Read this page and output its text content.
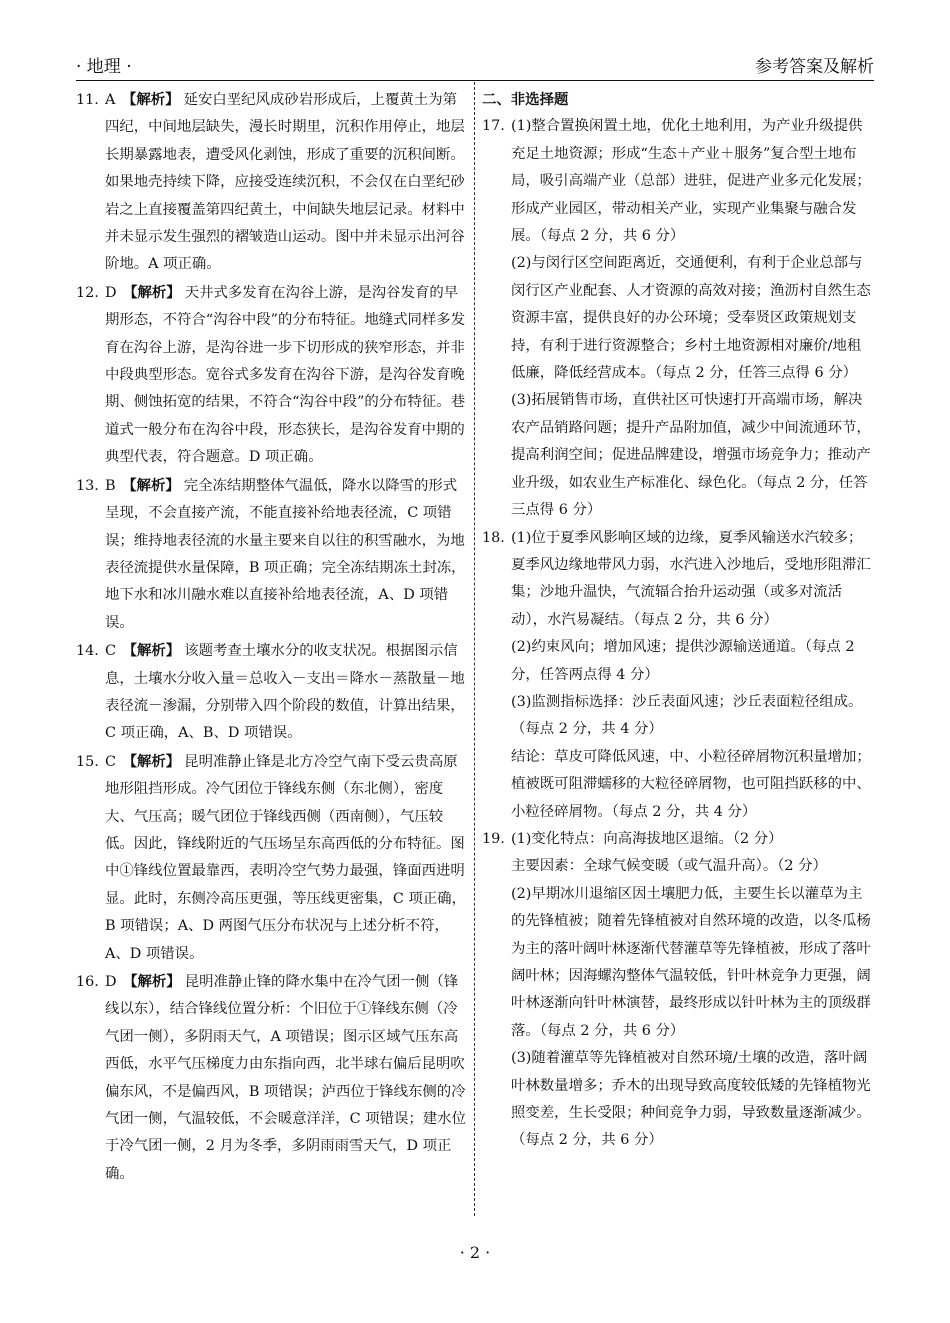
· 地理 ·	参考答案及解析

11. A 【解析】 延安白垩纪风成砂岩形成后，上覆黄土为第四纪，中间地层缺失，漫长时期里，沉积作用停止，地层长期暴露地表，遭受风化剥蚀，形成了重要的沉积间断。如果地壳持续下降，应接受连续沉积，不会仅在白垩纪砂岩之上直接覆盖第四纪黄土，中间缺失地层记录。材料中并未显示发生强烈的褶皱造山运动。图中并未显示出河谷阶地。A 项正确。

12. D 【解析】 天井式多发育在沟谷上游，是沟谷发育的早期形态，不符合“沟谷中段”的分布特征。地缝式同样多发育在沟谷上游，是沟谷进一步下切形成的狭窄形态，并非中段典型形态。宽谷式多发育在沟谷下游，是沟谷发育晚期、侧蚀拓宽的结果，不符合“沟谷中段”的分布特征。巷道式一般分布在沟谷中段，形态狭长，是沟谷发育中期的典型代表，符合题意。D 项正确。

13. B 【解析】 完全冻结期整体气温低，降水以降雪的形式呈现，不会直接产流，不能直接补给地表径流，C 项错误；维持地表径流的水量主要来自以往的积雪融水，为地表径流提供水量保障，B 项正确；完全冻结期冻土封冻，地下水和冰川融水难以直接补给地表径流，A、D 项错误。

14. C 【解析】 该题考查土壤水分的收支状况。根据图示信息，土壤水分收入量＝总收入－支出＝降水－蒸散量－地表径流－渗漏，分别带入四个阶段的数值，计算出结果，C 项正确，A、B、D 项错误。

15. C 【解析】 昆明准静止锋是北方冷空气南下受云贵高原地形阻挡形成。冷气团位于锋线东侧（东北侧），密度大、气压高；暖气团位于锋线西侧（西南侧），气压较低。因此，锋线附近的气压场呈东高西低的分布特征。图中①锋线位置最靠西，表明冷空气势力最强，锋面西进明显。此时，东侧冷高压更强，等压线更密集，C 项正确，B 项错误；A、D 两图气压分布状况与上述分析不符，A、D 项错误。

16. D 【解析】 昆明准静止锋的降水集中在冷气团一侧（锋线以东），结合锋线位置分析：个旧位于①锋线东侧（冷气团一侧），多阴雨天气，A 项错误；图示区域气压东高西低，水平气压梯度力由东指向西，北半球右偏后昆明吹偏东风，不是偏西风，B 项错误；泸西位于锋线东侧的冷气团一侧，气温较低，不会暖意洋洋，C 项错误；建水位于冷气团一侧，2 月为冬季，多阴雨雨雪天气，D 项正确。

二、非选择题

17. (1)整合置换闲置土地，优化土地利用，为产业升级提供充足土地资源；形成“生态＋产业＋服务”复合型土地布局，吸引高端产业（总部）进驻，促进产业多元化发展；形成产业园区，带动相关产业，实现产业集聚与融合发展。（每点 2 分，共 6 分）

(2)与闵行区空间距离近，交通便利，有利于企业总部与闵行区产业配套、人才资源的高效对接；渔沥村自然生态资源丰富，提供良好的办公环境；受奉贤区政策规划支持，有利于进行资源整合；乡村土地资源相对廉价/地租低廉，降低经营成本。（每点 2 分，任答三点得 6 分）

(3)拓展销售市场，直供社区可快速打开高端市场，解决农产品销路问题；提升产品附加值，减少中间流通环节，提高利润空间；促进品牌建设，增强市场竞争力；推动产业升级，如农业生产标准化、绿色化。（每点 2 分，任答三点得 6 分）

18. (1)位于夏季风影响区域的边缘，夏季风输送水汽较多；夏季风边缘地带风力弱，水汽进入沙地后，受地形阻滞汇集；沙地升温快，气流辐合抬升运动强（或多对流活动），水汽易凝结。（每点 2 分，共 6 分）

(2)约束风向；增加风速；提供沙源输送通道。（每点 2 分，任答两点得 4 分）

(3)监测指标选择：沙丘表面风速；沙丘表面粒径组成。（每点 2 分，共 4 分）

结论：草皮可降低风速，中、小粒径碎屑物沉积量增加；植被既可阻滞蠕移的大粒径碎屑物，也可阻挡跃移的中、小粒径碎屑物。（每点 2 分，共 4 分）

19. (1)变化特点：向高海拔地区退缩。（2 分）

主要因素：全球气候变暖（或气温升高）。（2 分）

(2)早期冰川退缩区因土壤肥力低，主要生长以灌草为主的先锋植被；随着先锋植被对自然环境的改造，以冬瓜杨为主的落叶阔叶林逐渐代替灌草等先锋植被，形成了落叶阔叶林；因海螺沟整体气温较低，针叶林竞争力更强，阔叶林逐渐向针叶林演替，最终形成以针叶林为主的顶级群落。（每点 2 分，共 6 分）

(3)随着灌草等先锋植被对自然环境/土壤的改造，落叶阔叶林数量增多；乔木的出现导致高度较低矮的先锋植物光照变差，生长受限；种间竞争力弱，导致数量逐渐减少。（每点 2 分，共 6 分）

· 2 ·
